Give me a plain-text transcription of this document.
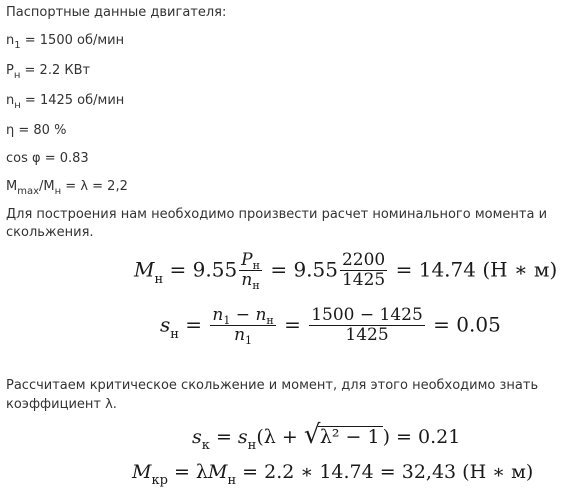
Паспортные данные двигателя:
$n_1 = 1500$ об/мин
$P_н = 2.2$ КВт
$n_н = 1425$ об/мин
η = 80 %
cos φ = 0.83
$M_{max}/M_н = \lambda = 2,2$
Для построения нам необходимо произвести расчет номинального момента и
скольжения.
$M_н = 9.55 \frac{P_н}{n_н} = 9.55 \frac{2200}{1425} = 14.74$ (Н ∗ м)
$s_н = \frac{n_1 - n_н}{n_1} = \frac{1500 - 1425}{1425} = 0.05$
Рассчитаем критическое скольжение и момент, для этого необходимо знать
коэффициент λ.
$s_к = s_н(\lambda$ + √ λ² − 1 ) = 0.21
$M_{кр} = \lambda M_н = 2.2$ ∗ 14.74 = 32,43 (Н ∗ м)
